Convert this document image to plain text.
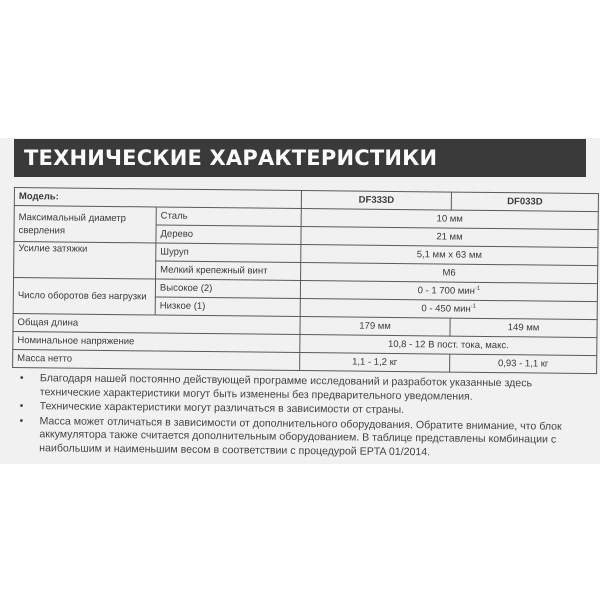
ТЕХНИЧЕСКИЕ ХАРАКТЕРИСТИКИ
Модель:		DF333D	DF033D
Максимальный диаметр сверления	Сталь	10 мм	
	Дерево	21 мм	
Усилие затяжки	Шуруп	5,1 мм x 63 мм	
	Мелкий крепежный винт	M6	
Число оборотов без нагрузки	Высокое (2)	0 - 1 700 мин$^{-1}$
	Низкое (1)	0 - 450 мин$^{-1}$
Общая длина		179 мм	149 мм
Номинальное напряжение		10,8 - 12 В пост. тока, макс.	
Масса нетто		1,1 - 1,2 кг	0,93 - 1,1 кг
• Благодаря нашей постоянно действующей программе исследований и разработок указанные здесь технические характеристики могут быть изменены без предварительного уведомления.
• Технические характеристики могут различаться в зависимости от страны.
• Масса может отличаться в зависимости от дополнительного оборудования. Обратите внимание, что блок аккумулятора также считается дополнительным оборудованием. В таблице представлены комбинации с наибольшим и наименьшим весом в соответствии с процедурой EPTA 01/2014.
